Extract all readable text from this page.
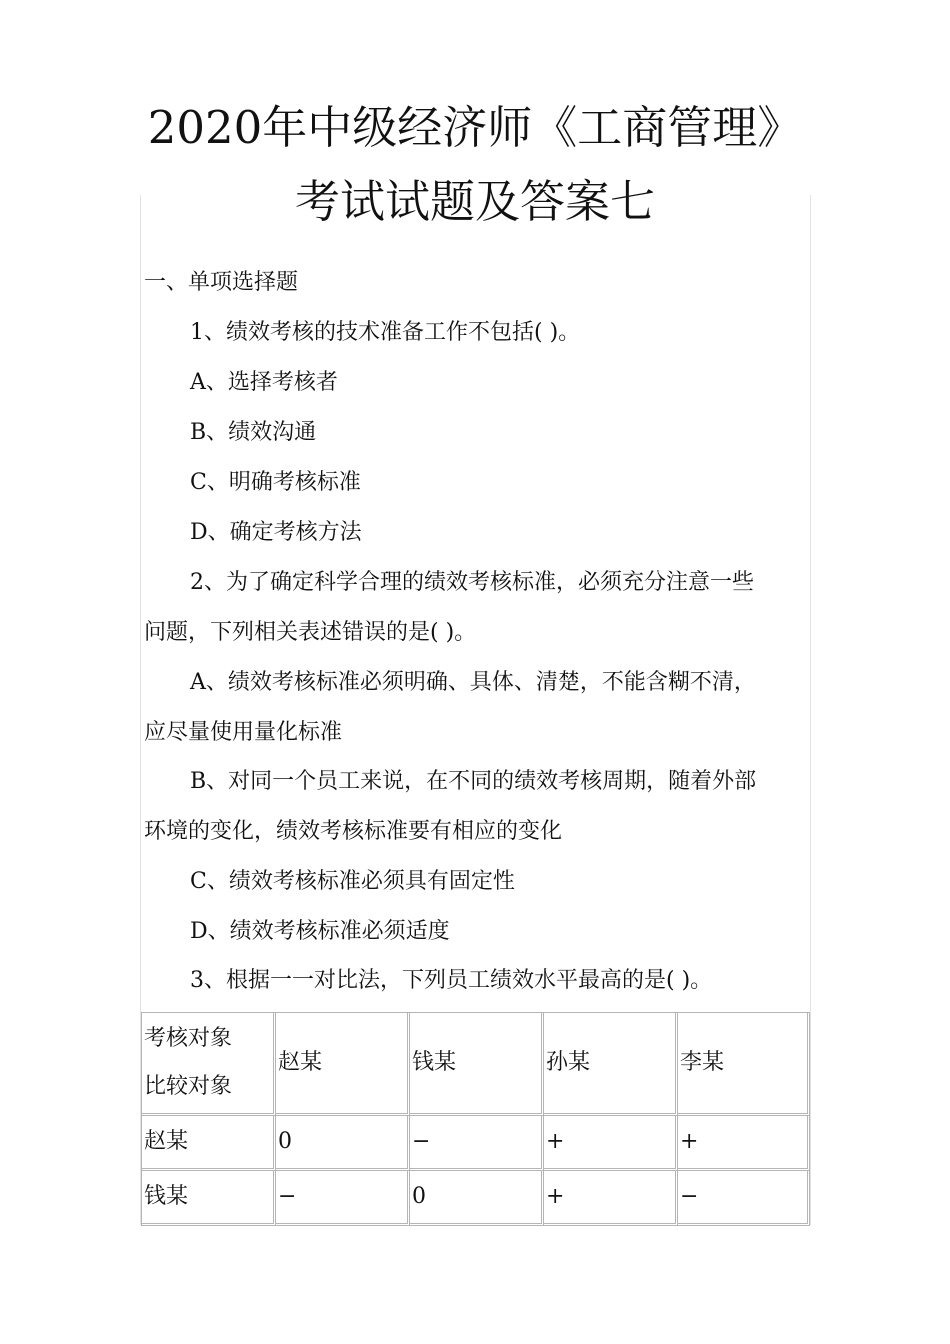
2020年中级经济师《工商管理》
考试试题及答案七
一、单项选择题
1、绩效考核的技术准备工作不包括( )。
A、选择考核者
B、绩效沟通
C、明确考核标准
D、确定考核方法
2、为了确定科学合理的绩效考核标准，必须充分注意一些
问题，下列相关表述错误的是( )。
A、绩效考核标准必须明确、具体、清楚，不能含糊不清，
应尽量使用量化标准
B、对同一个员工来说，在不同的绩效考核周期，随着外部
环境的变化，绩效考核标准要有相应的变化
C、绩效考核标准必须具有固定性
D、绩效考核标准必须适度
3、根据一一对比法，下列员工绩效水平最高的是( )。
考核对象
比较对象	赵某	钱某	孙某	李某
赵某	0	−	+	+
钱某	−	0	+	−
